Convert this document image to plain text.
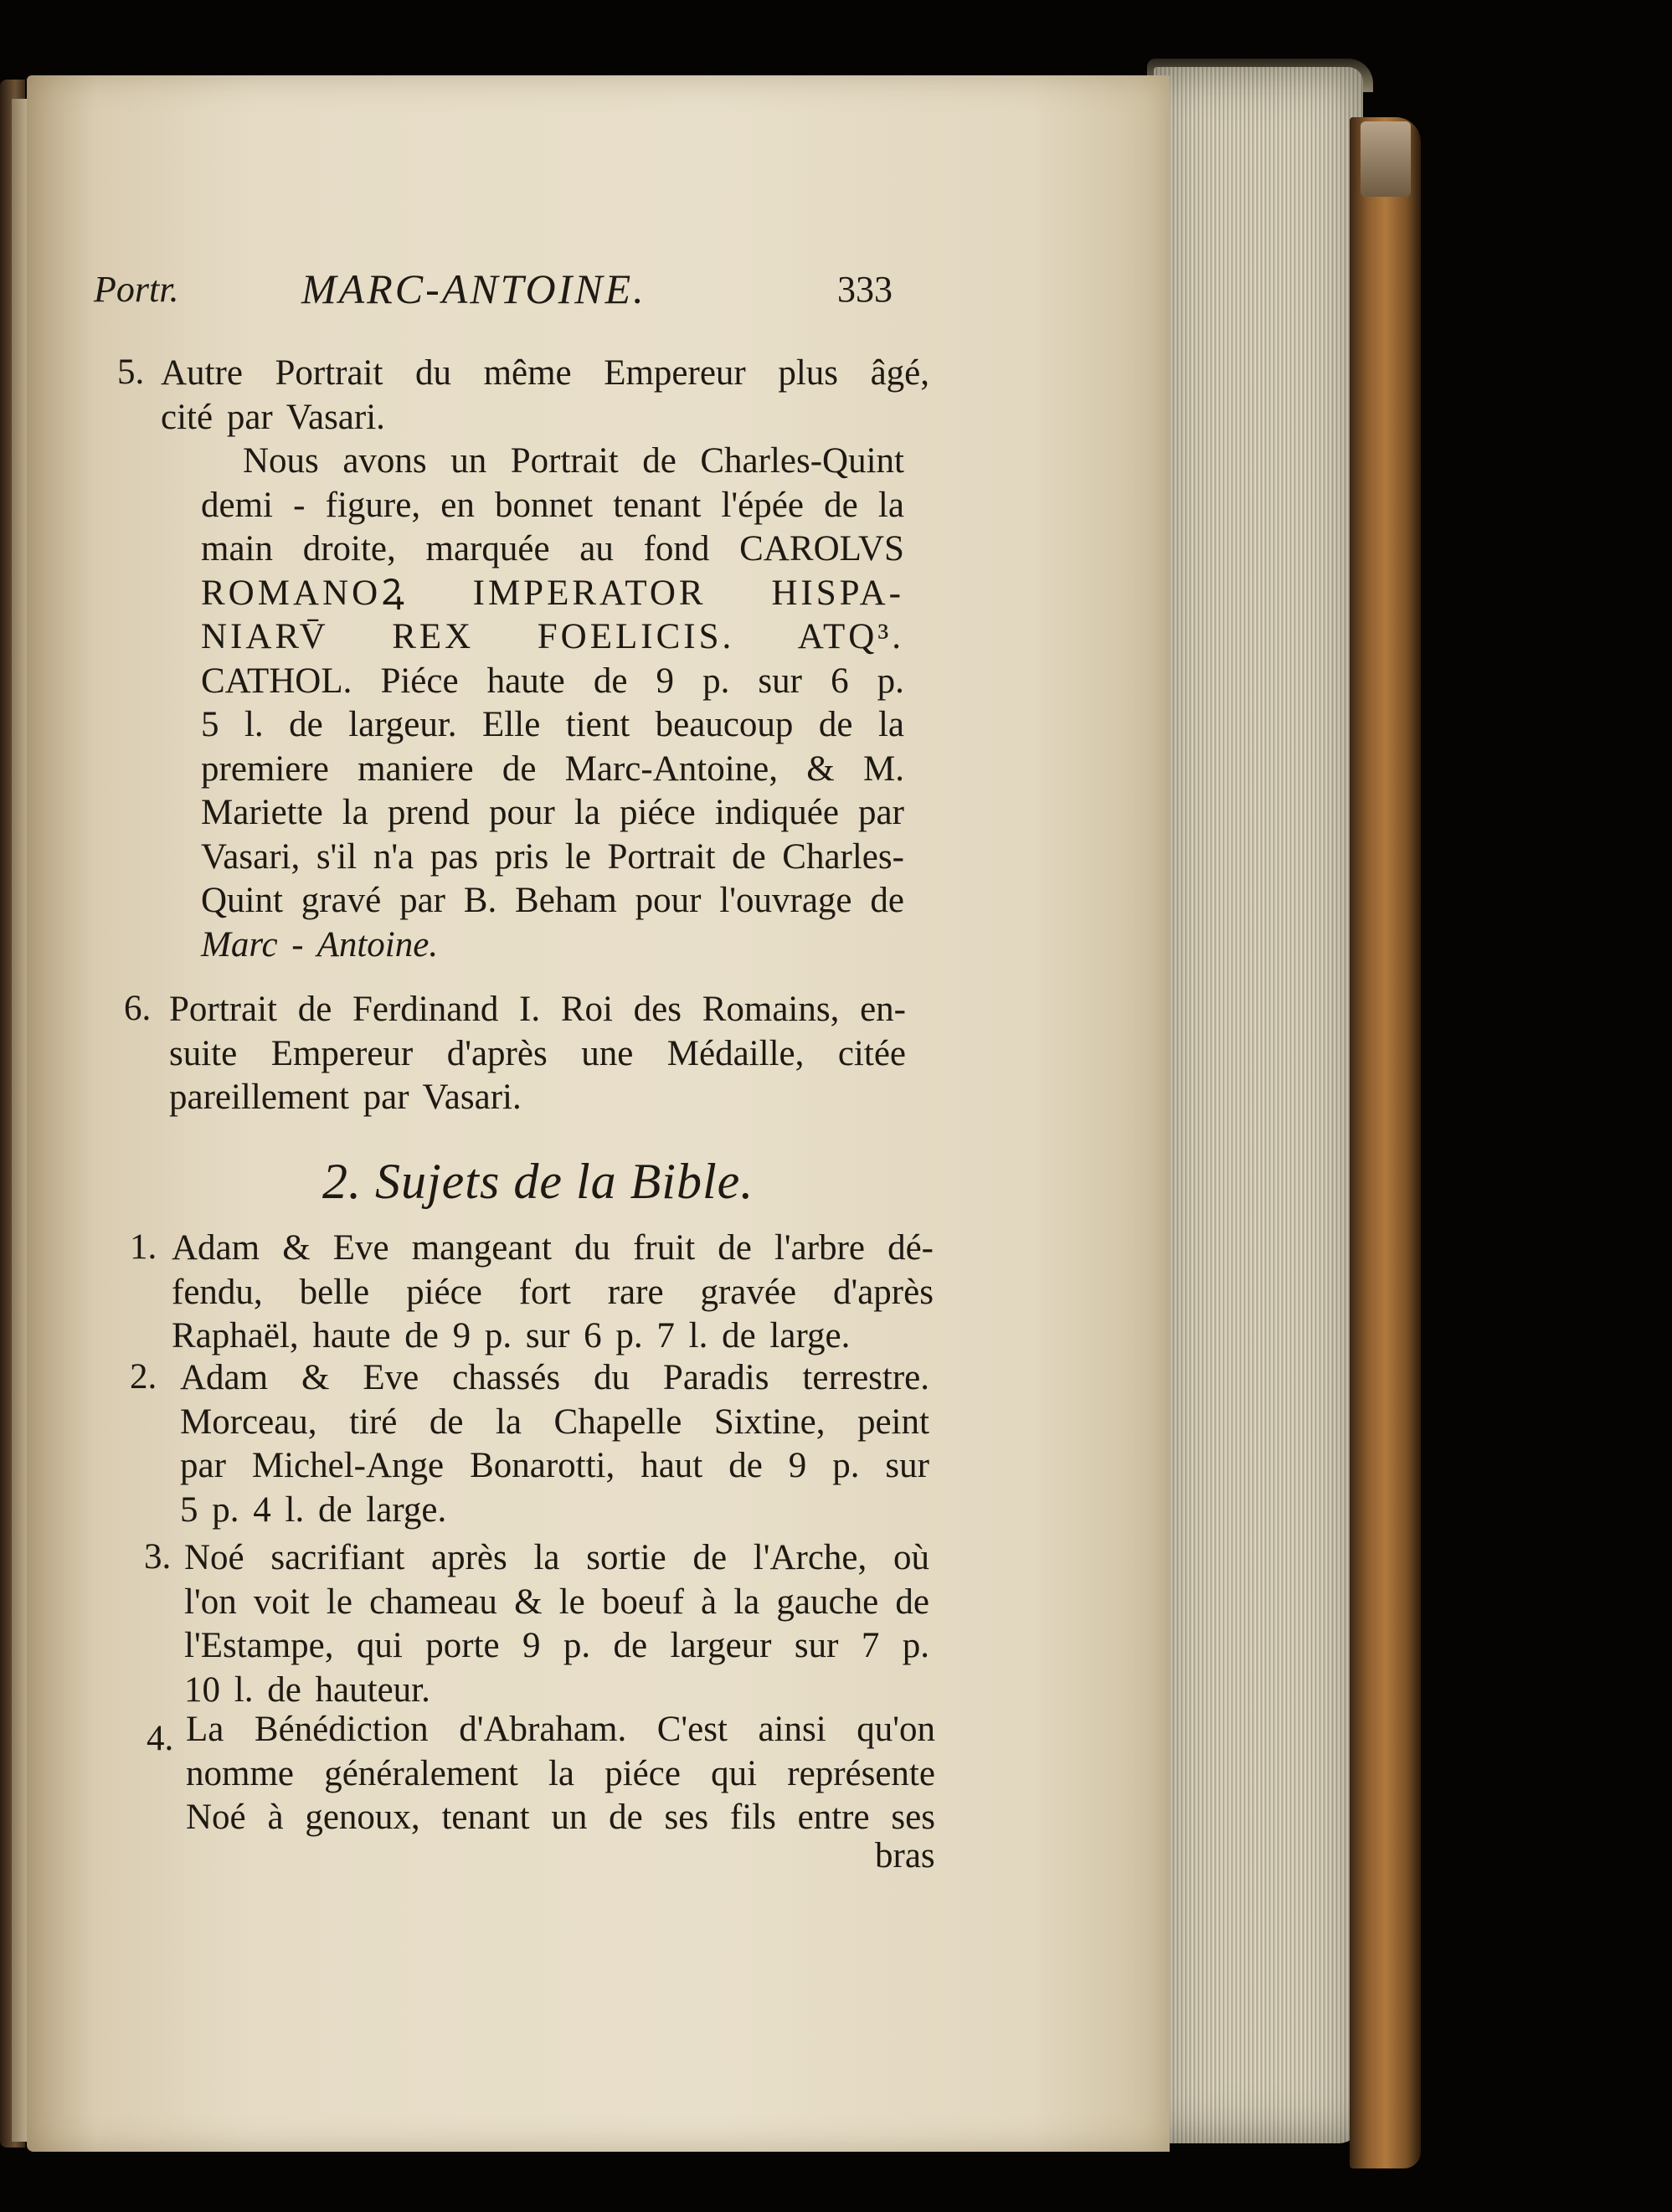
Portr.	MARC-ANTOINE.	333
5. Autre Portrait du même Empereur plus âgé,
cité par Vasari.
Nous avons un Portrait de Charles-Quint
demi - figure, en bonnet tenant l'épée de la
main droite, marquée au fond CAROLVS
ROMANOꝜ IMPERATOR HISPA-
NIARV̄ REX FOELICIS. ATQ³.
CATHOL. Piéce haute de 9 p. sur 6 p.
5 l. de largeur. Elle tient beaucoup de la
premiere maniere de Marc-Antoine, & M.
Mariette la prend pour la piéce indiquée par
Vasari, s'il n'a pas pris le Portrait de Charles-
Quint gravé par B. Beham pour l'ouvrage de
Marc - Antoine.
6. Portrait de Ferdinand I. Roi des Romains, en-
suite Empereur d'après une Médaille, citée
pareillement par Vasari.
2. Sujets de la Bible.
1. Adam & Eve mangeant du fruit de l'arbre dé-
fendu, belle piéce fort rare gravée d'après
Raphaël, haute de 9 p. sur 6 p. 7 l. de large.
2. Adam & Eve chassés du Paradis terrestre.
Morceau, tiré de la Chapelle Sixtine, peint
par Michel-Ange Bonarotti, haut de 9 p. sur
5 p. 4 l. de large.
3. Noé sacrifiant après la sortie de l'Arche, où
l'on voit le chameau & le boeuf à la gauche de
l'Estampe, qui porte 9 p. de largeur sur 7 p.
10 l. de hauteur.
4. La Bénédiction d'Abraham. C'est ainsi qu'on
nomme généralement la piéce qui représente
Noé à genoux, tenant un de ses fils entre ses
bras
